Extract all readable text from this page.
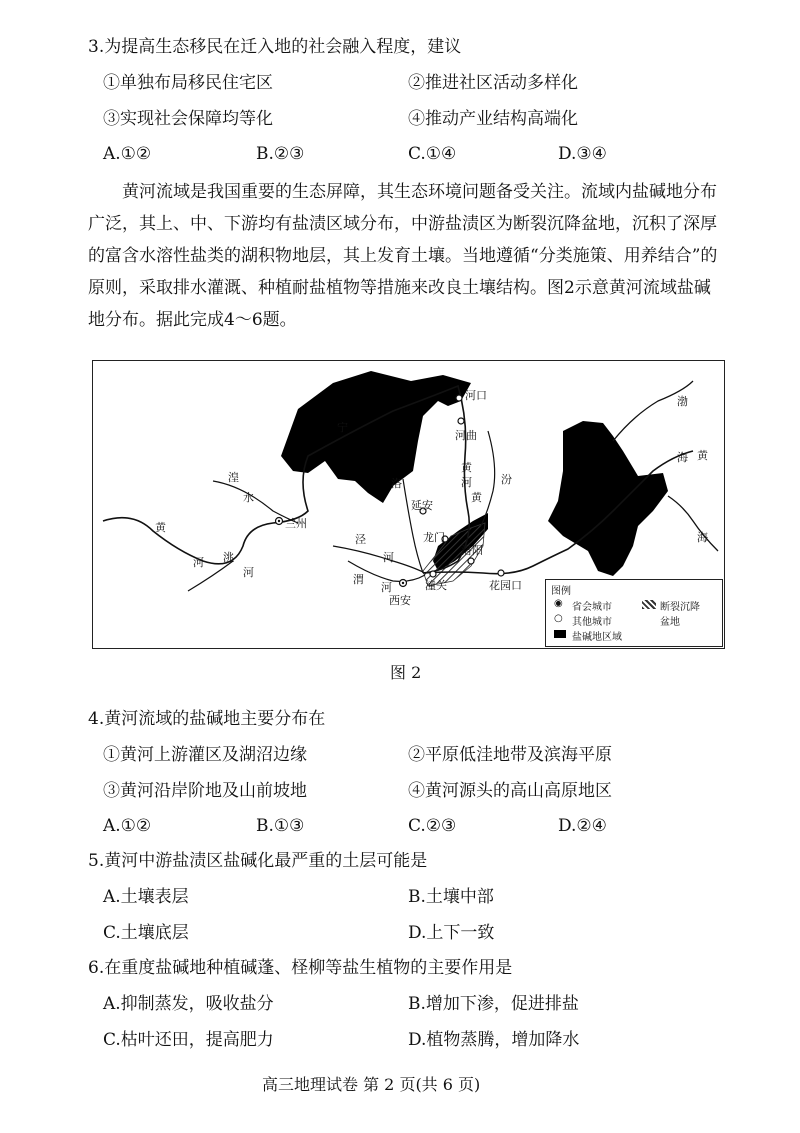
3.为提高生态移民在迁入地的社会融入程度，建议
①单独布局移民住宅区	②推进社区活动多样化
③实现社会保障均等化	④推动产业结构高端化
A.①②	B.②③	C.①④	D.③④
黄河流域是我国重要的生态屏障，其生态环境问题备受关注。流域内盐碱地分布广泛，其上、中、下游均有盐渍区域分布，中游盐渍区为断裂沉降盆地，沉积了深厚的富含水溶性盐类的湖积物地层，其上发育土壤。当地遵循“分类施策、用养结合”的原则，采取排水灌溉、种植耐盐植物等措施来改良土壤结构。图2示意黄河流域盐碱地分布。据此完成4～6题。
河口
河曲
宁
黄
河	汾
黄
洛
延安
龙门
黄
河
湟
水
洮
河
兰州
泾
河
渭
河
西安
潼关
洛阳
花园口
渤
海 黄
海
图例
◉ 省会城市
○ 其他城市
盐碱地区域
断裂沉降
盆地
图 2
4.黄河流域的盐碱地主要分布在
①黄河上游灌区及湖沼边缘	②平原低洼地带及滨海平原
③黄河沿岸阶地及山前坡地	④黄河源头的高山高原地区
A.①②	B.①③	C.②③	D.②④
5.黄河中游盐渍区盐碱化最严重的土层可能是
A.土壤表层	B.土壤中部
C.土壤底层	D.上下一致
6.在重度盐碱地种植碱蓬、柽柳等盐生植物的主要作用是
A.抑制蒸发，吸收盐分	B.增加下渗，促进排盐
C.枯叶还田，提高肥力	D.植物蒸腾，增加降水
高三地理试卷 第 2 页(共 6 页)
